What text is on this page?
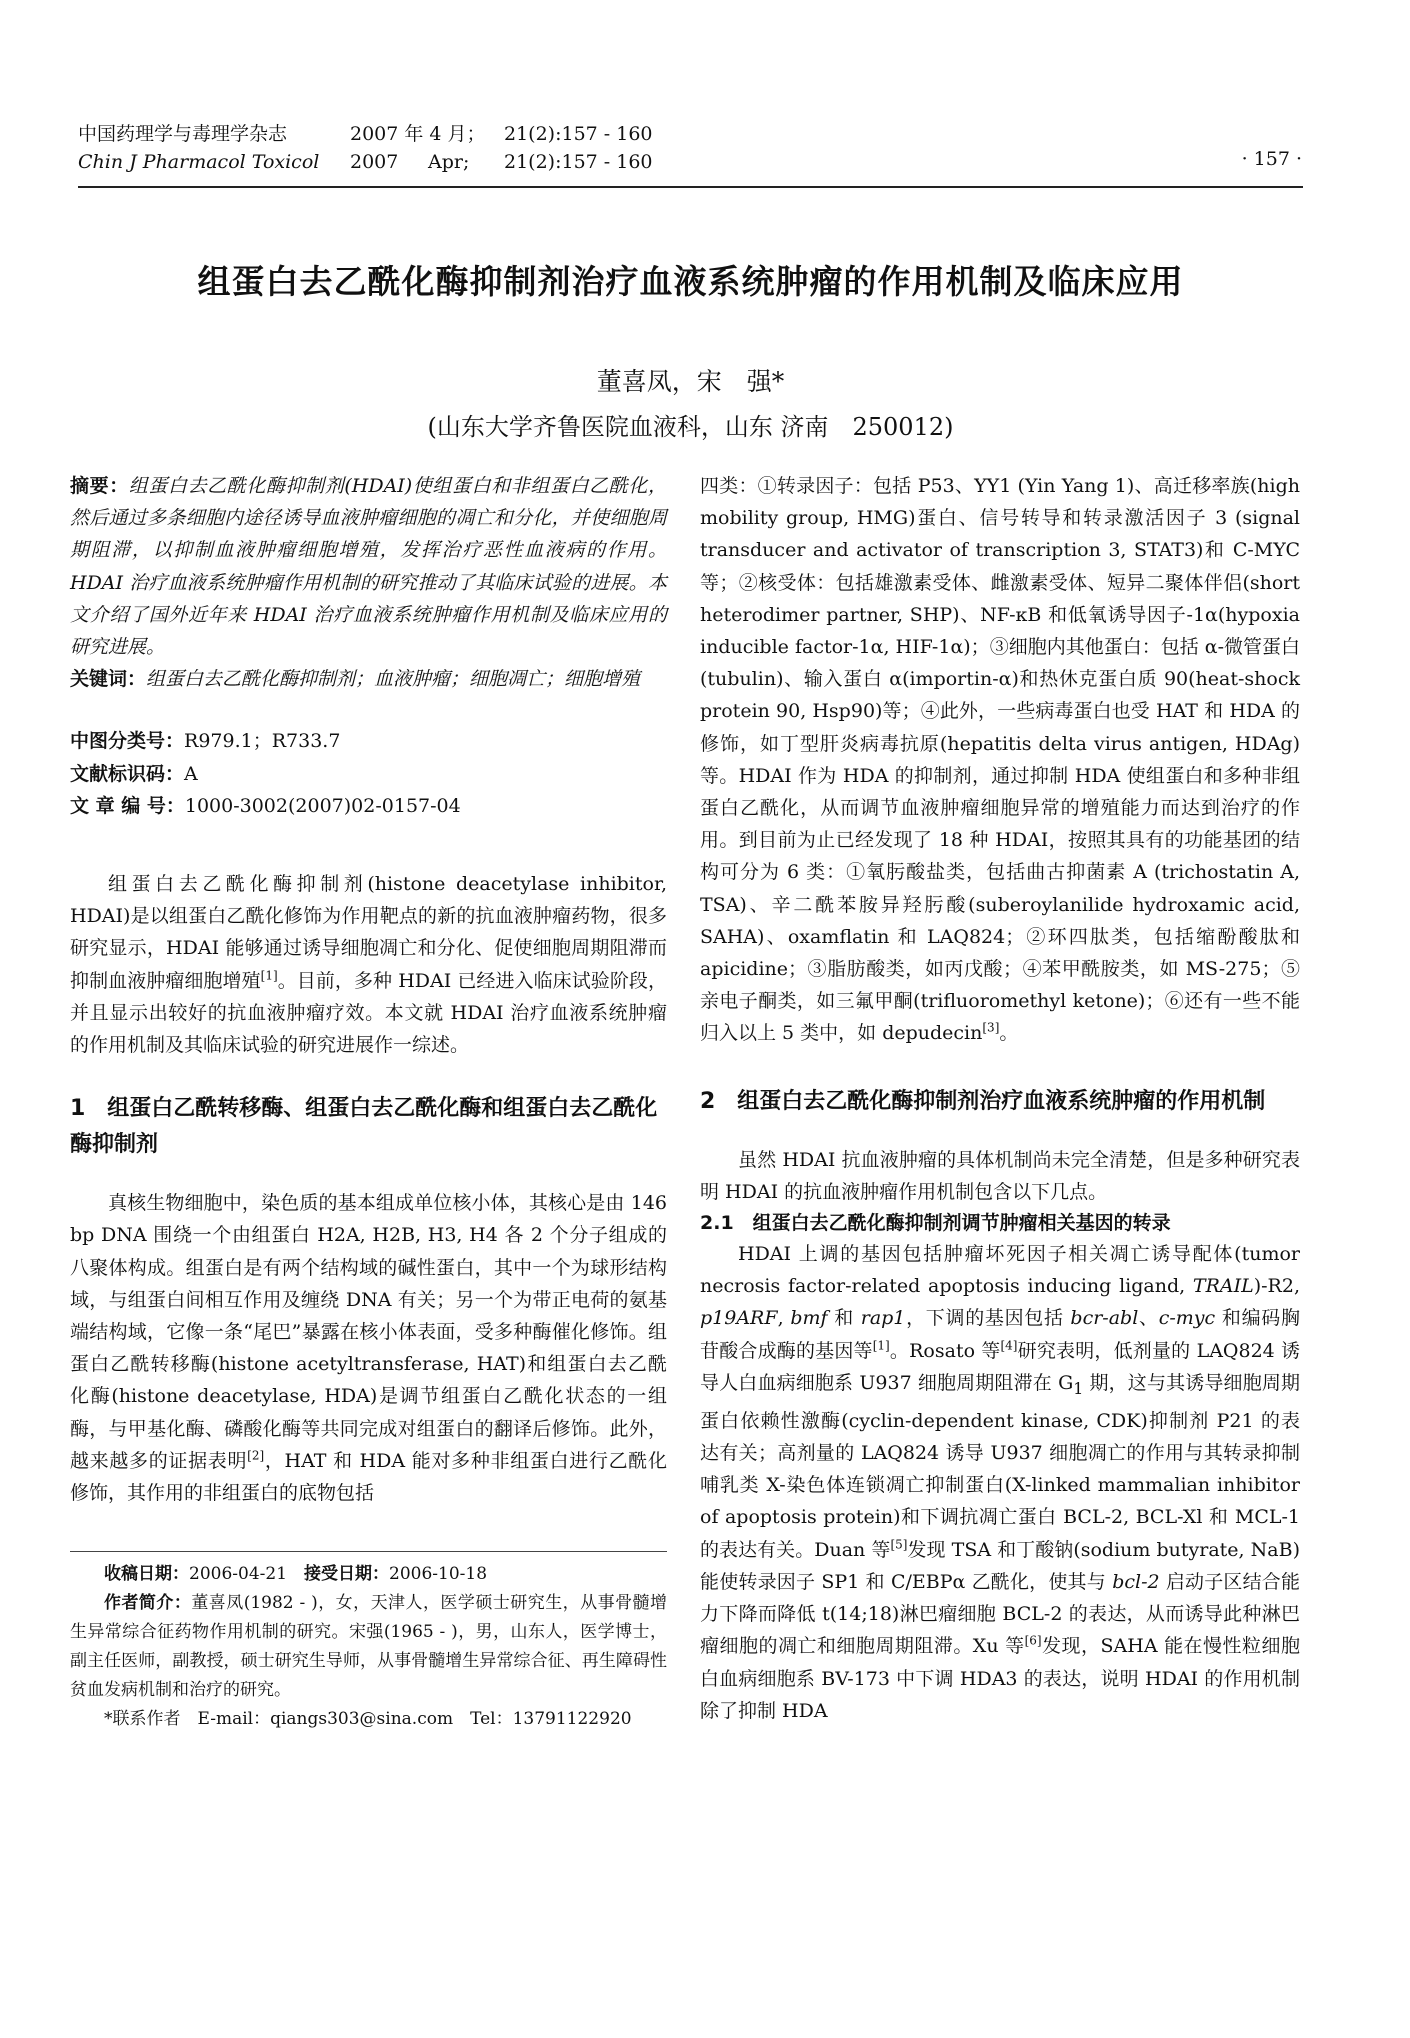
中国药理学与毒理学杂志	2007 年 4 月； 21(2):157 - 160
Chin J Pharmacol Toxicol 2007 Apr; 21(2):157 - 160	· 157 ·
组蛋白去乙酰化酶抑制剂治疗血液系统肿瘤的作用机制及临床应用
董喜凤，宋　强*
(山东大学齐鲁医院血液科，山东 济南　250012)

摘要：组蛋白去乙酰化酶抑制剂(HDAI)使组蛋白和非组蛋白乙酰化，然后通过多条细胞内途径诱导血液肿瘤细胞的凋亡和分化，并使细胞周期阻滞，以抑制血液肿瘤细胞增殖，发挥治疗恶性血液病的作用。HDAI 治疗血液系统肿瘤作用机制的研究推动了其临床试验的进展。本文介绍了国外近年来 HDAI 治疗血液系统肿瘤作用机制及临床应用的研究进展。

关键词：组蛋白去乙酰化酶抑制剂；血液肿瘤；细胞凋亡；细胞增殖

中图分类号：R979.1；R733.7

文献标识码：A

文 章 编 号：1000-3002(2007)02-0157-04

组蛋白去乙酰化酶抑制剂(histone deacetylase inhibitor, HDAI)是以组蛋白乙酰化修饰为作用靶点的新的抗血液肿瘤药物，很多研究显示，HDAI 能够通过诱导细胞凋亡和分化、促使细胞周期阻滞而抑制血液肿瘤细胞增殖[1]。目前，多种 HDAI 已经进入临床试验阶段，并且显示出较好的抗血液肿瘤疗效。本文就 HDAI 治疗血液系统肿瘤的作用机制及其临床试验的研究进展作一综述。

1　组蛋白乙酰转移酶、组蛋白去乙酰化酶和组蛋白去乙酰化酶抑制剂

真核生物细胞中，染色质的基本组成单位核小体，其核心是由 146 bp DNA 围绕一个由组蛋白 H2A, H2B, H3, H4 各 2 个分子组成的八聚体构成。组蛋白是有两个结构域的碱性蛋白，其中一个为球形结构域，与组蛋白间相互作用及缠绕 DNA 有关；另一个为带正电荷的氨基端结构域，它像一条“尾巴”暴露在核小体表面，受多种酶催化修饰。组蛋白乙酰转移酶(histone acetyltransferase, HAT)和组蛋白去乙酰化酶(histone deacetylase, HDA)是调节组蛋白乙酰化状态的一组酶，与甲基化酶、磷酸化酶等共同完成对组蛋白的翻译后修饰。此外，越来越多的证据表明[2]，HAT 和 HDA 能对多种非组蛋白进行乙酰化修饰，其作用的非组蛋白的底物包括

收稿日期：2006-04-21　 接受日期：2006-10-18

作者简介：董喜凤(1982 - )，女，天津人，医学硕士研究生，从事骨髓增生异常综合征药物作用机制的研究。宋强(1965 - )，男，山东人，医学博士，副主任医师，副教授，硕士研究生导师，从事骨髓增生异常综合征、再生障碍性贫血发病机制和治疗的研究。

*联系作者　E-mail：qiangs303@sina.com　Tel：13791122920

四类：①转录因子：包括 P53、YY1 (Yin Yang 1)、高迁移率族(high mobility group, HMG)蛋白、信号转导和转录激活因子 3 (signal transducer and activator of transcription 3, STAT3)和 C-MYC 等；②核受体：包括雄激素受体、雌激素受体、短异二聚体伴侣(short heterodimer partner, SHP)、NF-κB 和低氧诱导因子-1α(hypoxia inducible factor-1α, HIF-1α)；③细胞内其他蛋白：包括 α-微管蛋白(tubulin)、输入蛋白 α(importin-α)和热休克蛋白质 90(heat-shock protein 90, Hsp90)等；④此外，一些病毒蛋白也受 HAT 和 HDA 的修饰，如丁型肝炎病毒抗原(hepatitis delta virus antigen, HDAg)等。HDAI 作为 HDA 的抑制剂，通过抑制 HDA 使组蛋白和多种非组蛋白乙酰化，从而调节血液肿瘤细胞异常的增殖能力而达到治疗的作用。到目前为止已经发现了 18 种 HDAI，按照其具有的功能基团的结构可分为 6 类：①氧肟酸盐类，包括曲古抑菌素 A (trichostatin A, TSA)、辛二酰苯胺异羟肟酸(suberoylanilide hydroxamic acid, SAHA)、oxamflatin 和 LAQ824；②环四肽类，包括缩酚酸肽和 apicidine；③脂肪酸类，如丙戊酸；④苯甲酰胺类，如 MS-275；⑤亲电子酮类，如三氟甲酮(trifluoromethyl ketone)；⑥还有一些不能归入以上 5 类中，如 depudecin[3]。

2　组蛋白去乙酰化酶抑制剂治疗血液系统肿瘤的作用机制

虽然 HDAI 抗血液肿瘤的具体机制尚未完全清楚，但是多种研究表明 HDAI 的抗血液肿瘤作用机制包含以下几点。

2.1　组蛋白去乙酰化酶抑制剂调节肿瘤相关基因的转录

HDAI 上调的基因包括肿瘤坏死因子相关凋亡诱导配体(tumor necrosis factor-related apoptosis inducing ligand, TRAIL)-R2, p19ARF, bmf 和 rap1，下调的基因包括 bcr-abl、c-myc 和编码胸苷酸合成酶的基因等[1]。Rosato 等[4]研究表明，低剂量的 LAQ824 诱导人白血病细胞系 U937 细胞周期阻滞在 $G_1$ 期，这与其诱导细胞周期蛋白依赖性激酶(cyclin-dependent kinase, CDK)抑制剂 P21 的表达有关；高剂量的 LAQ824 诱导 U937 细胞凋亡的作用与其转录抑制哺乳类 X-染色体连锁凋亡抑制蛋白(X-linked mammalian inhibitor of apoptosis protein)和下调抗凋亡蛋白 BCL-2, BCL-Xl 和 MCL-1 的表达有关。Duan 等[5]发现 TSA 和丁酸钠(sodium butyrate, NaB)能使转录因子 SP1 和 C/EBPα 乙酰化，使其与 bcl-2 启动子区结合能力下降而降低 t(14;18)淋巴瘤细胞 BCL-2 的表达，从而诱导此种淋巴瘤细胞的凋亡和细胞周期阻滞。Xu 等[6]发现，SAHA 能在慢性粒细胞白血病细胞系 BV-173 中下调 HDA3 的表达，说明 HDAI 的作用机制除了抑制 HDA
